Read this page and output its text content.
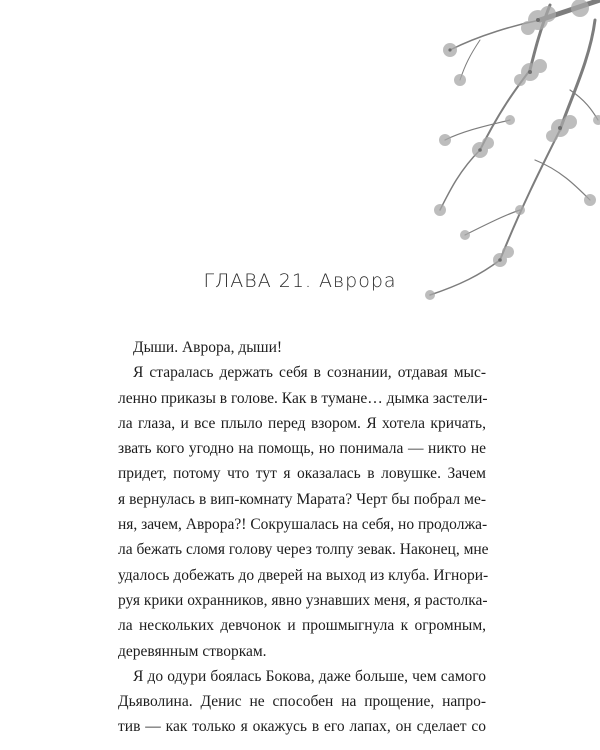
ГЛАВА 21. Аврора
Дыши. Аврора, дыши!
Я старалась держать себя в сознании, отдавая мыс-
ленно приказы в голове. Как в тумане… дымка застели-
ла глаза, и все плыло перед взором. Я хотела кричать,
звать кого угодно на помощь, но понимала — никто не
придет, потому что тут я оказалась в ловушке. Зачем
я вернулась в вип-комнату Марата? Черт бы побрал ме-
ня, зачем, Аврора?! Сокрушалась на себя, но продолжа-
ла бежать сломя голову через толпу зевак. Наконец, мне
удалось добежать до дверей на выход из клуба. Игнори-
руя крики охранников, явно узнавших меня, я растолка-
ла нескольких девчонок и прошмыгнула к огромным,
деревянным створкам.
Я до одури боялась Бокова, даже больше, чем самого
Дьяволина. Денис не способен на прощение, напро-
тив — как только я окажусь в его лапах, он сделает со
